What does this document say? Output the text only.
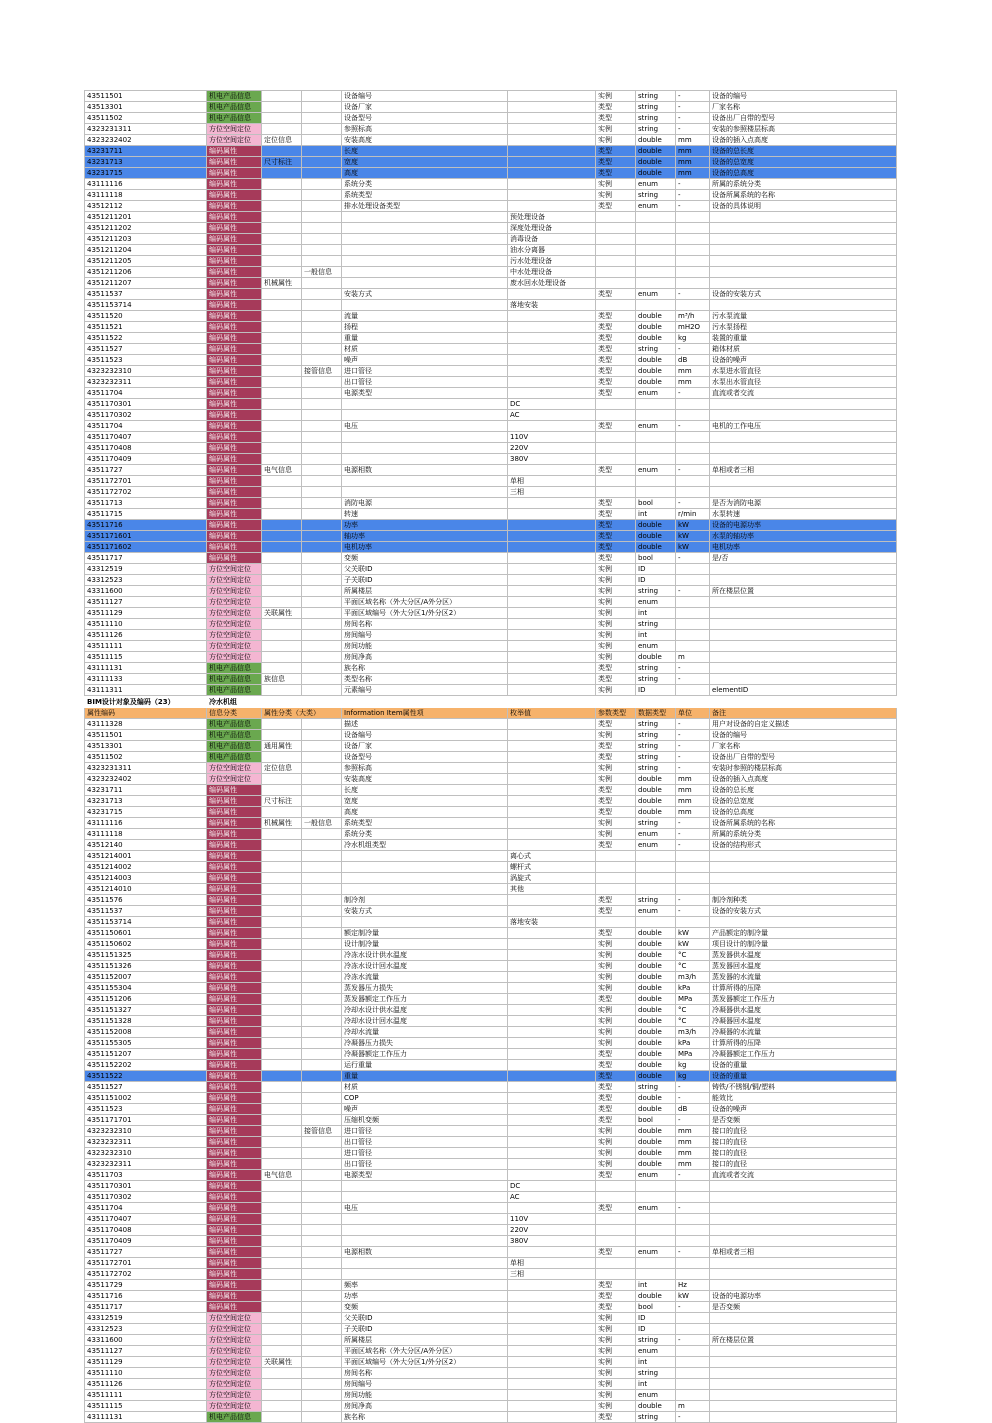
43511501	机电产品信息			设备编号		实例	string	-	设备的编号
43513301	机电产品信息			设备厂家		类型	string	-	厂家名称
43511502	机电产品信息			设备型号		类型	string	-	设备出厂自带的型号
4323231311	方位空间定位			参照标高		实例	string	-	安装的参照楼层标高
4323232402	方位空间定位	定位信息		安装高度		实例	double	mm	设备的插入点高度
43231711	编码属性			长度		类型	double	mm	设备的总长度
43231713	编码属性	尺寸标注		宽度		类型	double	mm	设备的总宽度
43231715	编码属性			高度		类型	double	mm	设备的总高度
43111116	编码属性			系统分类		实例	enum	-	所属的系统分类
43111118	编码属性			系统类型		实例	string	-	设备所属系统的名称
43512112	编码属性			排水处理设备类型		类型	enum	-	设备的具体说明
4351211201	编码属性				预处理设备				
4351211202	编码属性				深度处理设备				
4351211203	编码属性				消毒设备				
4351211204	编码属性				油水分离器				
4351211205	编码属性				污水处理设备				
4351211206	编码属性		一般信息		中水处理设备				
4351211207	编码属性	机械属性			废水回水处理设备				
43511537	编码属性			安装方式		类型	enum	-	设备的安装方式
4351153714	编码属性				落地安装				
43511520	编码属性			流量		类型	double	m³/h	污水泵流量
43511521	编码属性			扬程		类型	double	mH2O	污水泵扬程
43511522	编码属性			重量		类型	double	kg	装置的重量
43511527	编码属性			材质		类型	string	-	箱体材质
43511523	编码属性			噪声		类型	double	dB	设备的噪声
4323232310	编码属性		接管信息	进口管径		类型	double	mm	水泵进水管直径
4323232311	编码属性			出口管径		类型	double	mm	水泵出水管直径
43511704	编码属性			电源类型		类型	enum	-	直流或者交流
4351170301	编码属性				DC				
4351170302	编码属性				AC				
43511704	编码属性			电压		类型	enum	-	电机的工作电压
4351170407	编码属性				110V				
4351170408	编码属性				220V				
4351170409	编码属性				380V				
43511727	编码属性	电气信息		电源相数		类型	enum	-	单相或者三相
4351172701	编码属性				单相				
4351172702	编码属性				三相				
43511713	编码属性			消防电源		类型	bool	-	是否为消防电源
43511715	编码属性			转速		类型	int	r/min	水泵转速
43511716	编码属性			功率		类型	double	kW	设备的电源功率
4351171601	编码属性			轴功率		类型	double	kW	水泵的轴功率
4351171602	编码属性			电机功率		类型	double	kW	电机功率
43511717	编码属性			变频		类型	bool	-	是/否
43312519	方位空间定位			父关联ID		实例	ID		
43312523	方位空间定位			子关联ID		实例	ID		
43311600	方位空间定位			所属楼层		实例	string	-	所在楼层位置
43511127	方位空间定位			平面区域名称（外大分区/A外分区）		实例	enum		
43511129	方位空间定位	关联属性		平面区域编号（外大分区1/外分区2）		实例	int		
43511110	方位空间定位			房间名称		实例	string		
43511126	方位空间定位			房间编号		实例	int		
43511111	方位空间定位			房间功能		实例	enum		
43511115	方位空间定位			房间净高		实例	double	m	
43111131	机电产品信息			族名称		类型	string	-	
43111133	机电产品信息	族信息		类型名称		类型	string	-	
43111311	机电产品信息			元素编号		实例	ID		elementID
BIM设计对象及编码（23）	冷水机组								
属性编码	信息分类	属性分类（大类）		Information Item属性项	枚举值	参数类型	数据类型	单位	备注
43111328	机电产品信息			描述		类型	string	-	用户对设备的自定义描述
43511501	机电产品信息			设备编号		实例	string	-	设备的编号
43513301	机电产品信息	通用属性		设备厂家		类型	string	-	厂家名称
43511502	机电产品信息			设备型号		类型	string	-	设备出厂自带的型号
4323231311	方位空间定位	定位信息		参照标高		实例	string	-	安装时参照的楼层标高
4323232402	方位空间定位			安装高度		实例	double	mm	设备的插入点高度
43231711	编码属性			长度		类型	double	mm	设备的总长度
43231713	编码属性	尺寸标注		宽度		类型	double	mm	设备的总宽度
43231715	编码属性			高度		类型	double	mm	设备的总高度
43111116	编码属性	机械属性	一般信息	系统类型		实例	string	-	设备所属系统的名称
43111118	编码属性			系统分类		实例	enum	-	所属的系统分类
43512140	编码属性			冷水机组类型		类型	enum	-	设备的结构形式
4351214001	编码属性				离心式				
4351214002	编码属性				螺杆式				
4351214003	编码属性				涡旋式				
4351214010	编码属性				其他				
43511576	编码属性			制冷剂		类型	string	-	制冷剂种类
43511537	编码属性			安装方式		类型	enum	-	设备的安装方式
4351153714	编码属性				落地安装				
4351150601	编码属性			额定制冷量		类型	double	kW	产品额定的制冷量
4351150602	编码属性			设计制冷量		实例	double	kW	项目设计的制冷量
4351151325	编码属性			冷冻水设计供水温度		实例	double	°C	蒸发器供水温度
4351151326	编码属性			冷冻水设计回水温度		实例	double	°C	蒸发器回水温度
4351152007	编码属性			冷冻水流量		实例	double	m3/h	蒸发器的水流量
4351155304	编码属性			蒸发器压力损失		实例	double	kPa	计算所得的压降
4351151206	编码属性			蒸发器额定工作压力		类型	double	MPa	蒸发器额定工作压力
4351151327	编码属性			冷却水设计供水温度		实例	double	°C	冷凝器供水温度
4351151328	编码属性			冷却水设计回水温度		实例	double	°C	冷凝器回水温度
4351152008	编码属性			冷却水流量		实例	double	m3/h	冷凝器的水流量
4351155305	编码属性			冷凝器压力损失		实例	double	kPa	计算所得的压降
4351151207	编码属性			冷凝器额定工作压力		类型	double	MPa	冷凝器额定工作压力
4351152202	编码属性			运行重量		类型	double	kg	设备的重量
43511522	编码属性			重量		类型	double	kg	设备的重量
43511527	编码属性			材质		类型	string	-	铸铁/不锈钢/铜/塑料
4351151002	编码属性			COP		类型	double	-	能效比
43511523	编码属性			噪声		类型	double	dB	设备的噪声
4351171701	编码属性			压缩机变频		类型	bool	-	是否变频
4323232310	编码属性		接管信息	进口管径		实例	double	mm	接口的直径
4323232311	编码属性			出口管径		实例	double	mm	接口的直径
4323232310	编码属性			进口管径		实例	double	mm	接口的直径
4323232311	编码属性			出口管径		实例	double	mm	接口的直径
43511703	编码属性	电气信息		电源类型		类型	enum	-	直流或者交流
4351170301	编码属性				DC				
4351170302	编码属性				AC				
43511704	编码属性			电压		类型	enum	-	
4351170407	编码属性				110V				
4351170408	编码属性				220V				
4351170409	编码属性				380V				
43511727	编码属性			电源相数		类型	enum	-	单相或者三相
4351172701	编码属性				单相				
4351172702	编码属性				三相				
43511729	编码属性			频率		类型	int	Hz	
43511716	编码属性			功率		类型	double	kW	设备的电源功率
43511717	编码属性			变频		类型	bool	-	是否变频
43312519	方位空间定位			父关联ID		实例	ID		
43312523	方位空间定位			子关联ID		实例	ID		
43311600	方位空间定位			所属楼层		实例	string	-	所在楼层位置
43511127	方位空间定位			平面区域名称（外大分区/A外分区）		实例	enum		
43511129	方位空间定位	关联属性		平面区域编号（外大分区1/外分区2）		实例	int		
43511110	方位空间定位			房间名称		实例	string		
43511126	方位空间定位			房间编号		实例	int		
43511111	方位空间定位			房间功能		实例	enum		
43511115	方位空间定位			房间净高		实例	double	m	
43111131	机电产品信息			族名称		类型	string	-	
